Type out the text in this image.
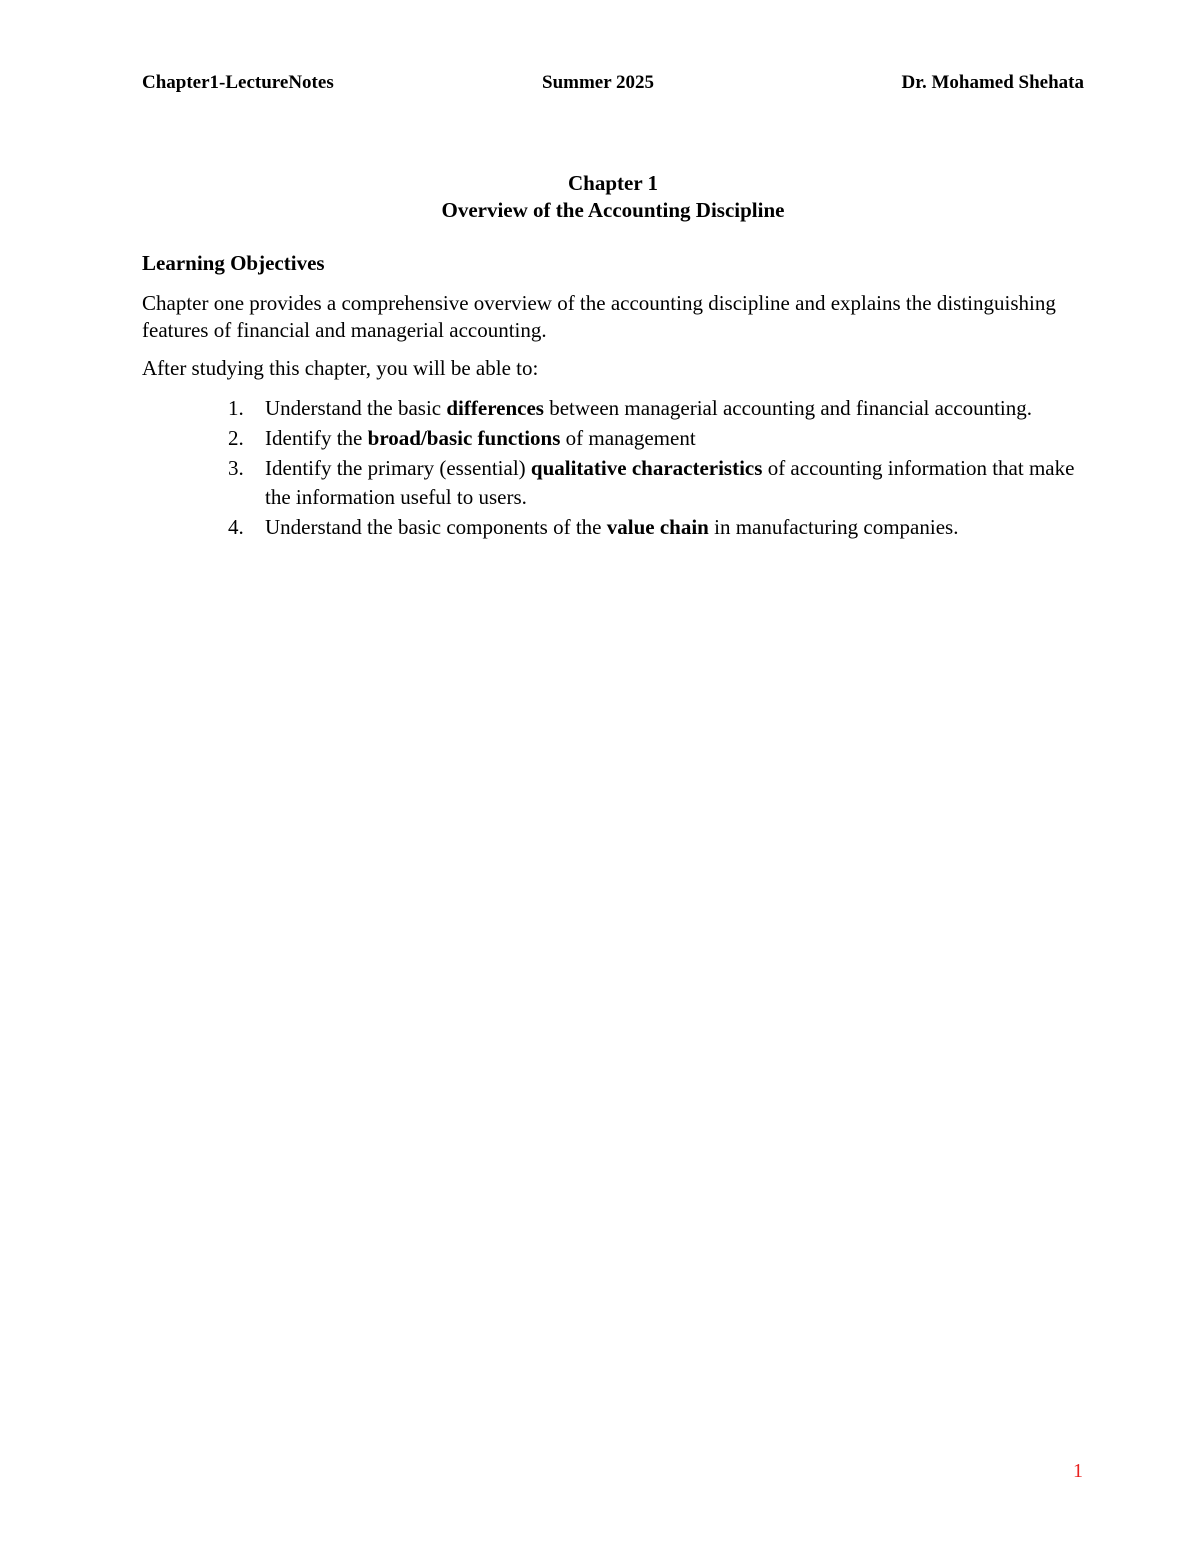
Chapter1-LectureNotes	Summer 2025	Dr. Mohamed Shehata
Chapter 1
Overview of the Accounting Discipline
Learning Objectives
Chapter one provides a comprehensive overview of the accounting discipline and explains the distinguishing features of financial and managerial accounting.
After studying this chapter, you will be able to:
1. Understand the basic differences between managerial accounting and financial accounting.
2. Identify the broad/basic functions of management
3. Identify the primary (essential) qualitative characteristics of accounting information that make the information useful to users.
4. Understand the basic components of the value chain in manufacturing companies.
1
